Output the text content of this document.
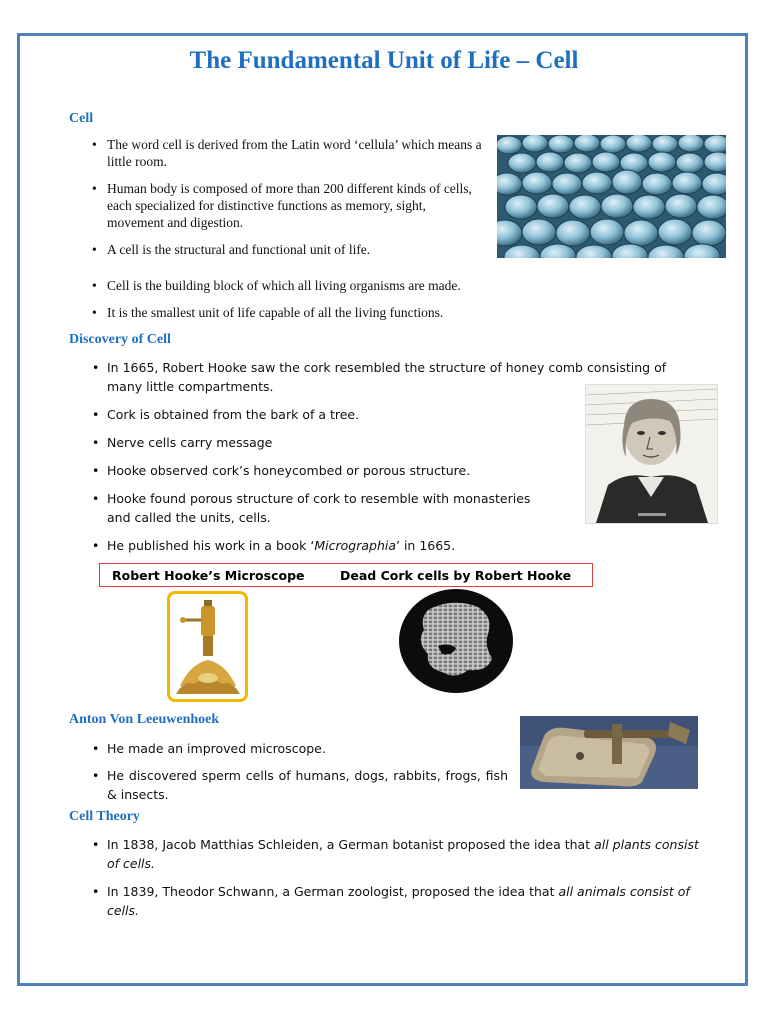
The Fundamental Unit of Life – Cell
Cell
• The word cell is derived from the Latin word ‘cellula’ which means a little room.
• Human body is composed of more than 200 different kinds of cells, each specialized for distinctive functions as memory, sight, movement and digestion.
• A cell is the structural and functional unit of life.
• Cell is the building block of which all living organisms are made.
• It is the smallest unit of life capable of all the living functions.
Discovery of Cell
• In 1665, Robert Hooke saw the cork resembled the structure of honey comb consisting of many little compartments.
• Cork is obtained from the bark of a tree.
• Nerve cells carry message
• Hooke observed cork’s honeycombed or porous structure.
• Hooke found porous structure of cork to resemble with monasteries and called the units, cells.
• He published his work in a book ‘Micrographia’ in 1665.
Robert Hooke’s Microscope	Dead Cork cells by Robert Hooke
Anton Von Leeuwenhoek
• He made an improved microscope.
• He discovered sperm cells of humans, dogs, rabbits, frogs, fish & insects.
Cell Theory
• In 1838, Jacob Matthias Schleiden, a German botanist proposed the idea that all plants consist of cells.
• In 1839, Theodor Schwann, a German zoologist, proposed the idea that all animals consist of cells.
